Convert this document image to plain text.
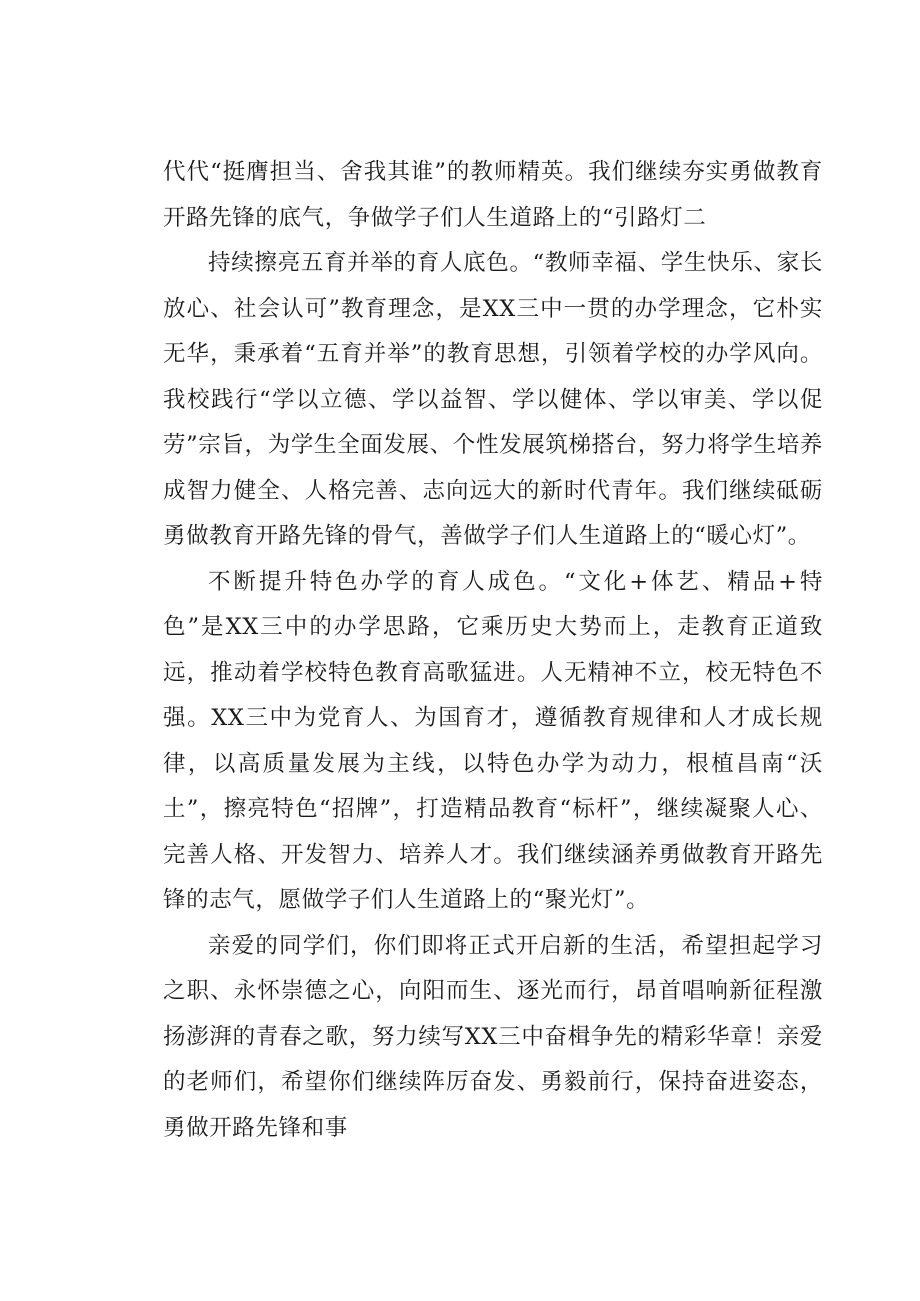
代代“挺膺担当、舍我其谁”的教师精英。我们继续夯实勇做教育开路先锋的底气，争做学子们人生道路上的“引路灯二

持续擦亮五育并举的育人底色。“教师幸福、学生快乐、家长放心、社会认可”教育理念，是XX三中一贯的办学理念，它朴实无华，秉承着“五育并举”的教育思想，引领着学校的办学风向。我校践行“学以立德、学以益智、学以健体、学以审美、学以促劳”宗旨，为学生全面发展、个性发展筑梯搭台，努力将学生培养成智力健全、人格完善、志向远大的新时代青年。我们继续砥砺勇做教育开路先锋的骨气，善做学子们人生道路上的“暖心灯”。

不断提升特色办学的育人成色。“文化+体艺、精品+特色”是XX三中的办学思路，它乘历史大势而上，走教育正道致远，推动着学校特色教育高歌猛进。人无精神不立，校无特色不强。XX三中为党育人、为国育才，遵循教育规律和人才成长规律，以高质量发展为主线，以特色办学为动力，根植昌南“沃土”，擦亮特色“招牌”，打造精品教育“标杆”，继续凝聚人心、完善人格、开发智力、培养人才。我们继续涵养勇做教育开路先锋的志气，愿做学子们人生道路上的“聚光灯”。

亲爱的同学们，你们即将正式开启新的生活，希望担起学习之职、永怀崇德之心，向阳而生、逐光而行，昂首唱响新征程激扬澎湃的青春之歌，努力续写XX三中奋楫争先的精彩华章！亲爱的老师们，希望你们继续阵厉奋发、勇毅前行，保持奋进姿态，勇做开路先锋和事
